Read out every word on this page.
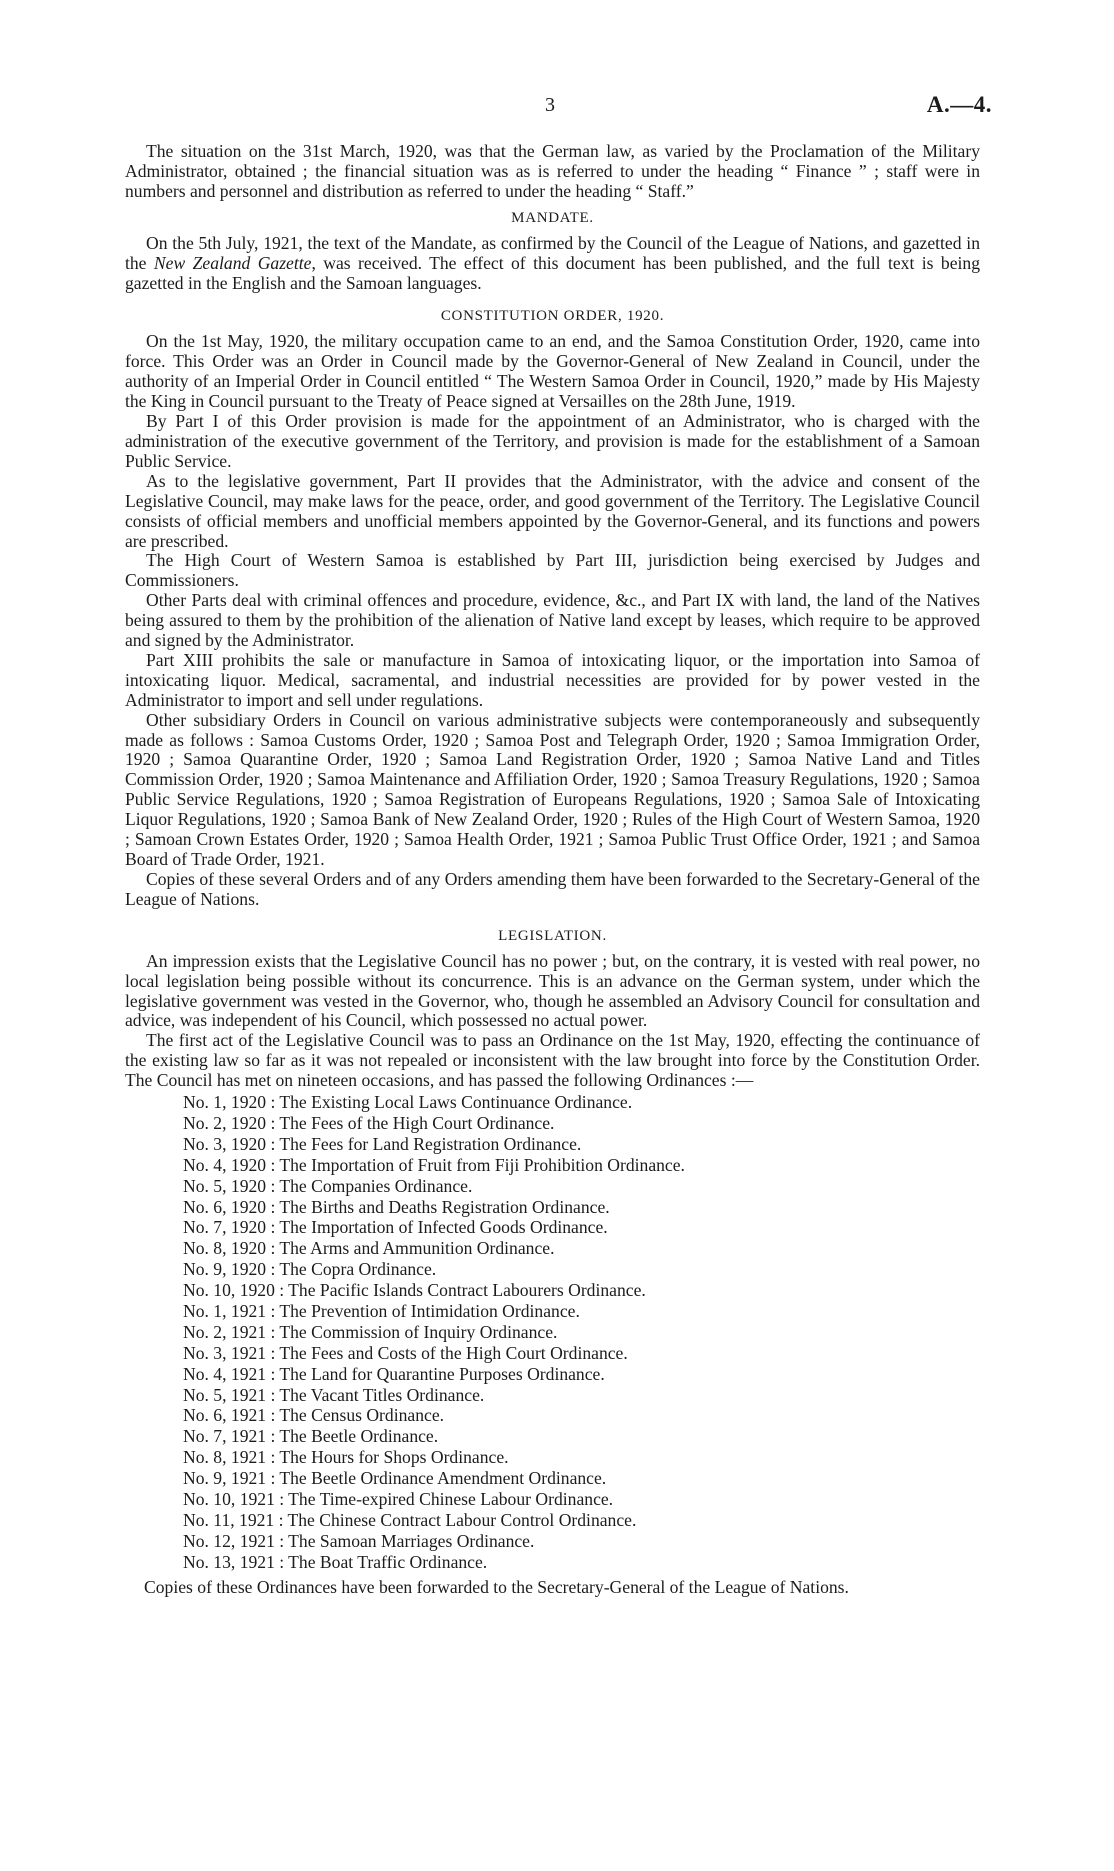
3	A.—4.

The situation on the 31st March, 1920, was that the German law, as varied by the Proclamation of the Military Administrator, obtained ; the financial situation was as is referred to under the heading “ Finance ” ; staff were in numbers and personnel and distribution as referred to under the heading “ Staff.”

MANDATE.

On the 5th July, 1921, the text of the Mandate, as confirmed by the Council of the League of Nations, and gazetted in the New Zealand Gazette, was received. The effect of this document has been published, and the full text is being gazetted in the English and the Samoan languages.

CONSTITUTION ORDER, 1920.

On the 1st May, 1920, the military occupation came to an end, and the Samoa Constitution Order, 1920, came into force. This Order was an Order in Council made by the Governor-General of New Zealand in Council, under the authority of an Imperial Order in Council entitled “ The Western Samoa Order in Council, 1920,” made by His Majesty the King in Council pursuant to the Treaty of Peace signed at Versailles on the 28th June, 1919.

By Part I of this Order provision is made for the appointment of an Administrator, who is charged with the administration of the executive government of the Territory, and provision is made for the establishment of a Samoan Public Service.

As to the legislative government, Part II provides that the Administrator, with the advice and consent of the Legislative Council, may make laws for the peace, order, and good government of the Territory. The Legislative Council consists of official members and unofficial members appointed by the Governor-General, and its functions and powers are prescribed.

The High Court of Western Samoa is established by Part III, jurisdiction being exercised by Judges and Commissioners.

Other Parts deal with criminal offences and procedure, evidence, &c., and Part IX with land, the land of the Natives being assured to them by the prohibition of the alienation of Native land except by leases, which require to be approved and signed by the Administrator.

Part XIII prohibits the sale or manufacture in Samoa of intoxicating liquor, or the importation into Samoa of intoxicating liquor. Medical, sacramental, and industrial necessities are provided for by power vested in the Administrator to import and sell under regulations.

Other subsidiary Orders in Council on various administrative subjects were contemporaneously and subsequently made as follows : Samoa Customs Order, 1920 ; Samoa Post and Telegraph Order, 1920 ; Samoa Immigration Order, 1920 ; Samoa Quarantine Order, 1920 ; Samoa Land Registration Order, 1920 ; Samoa Native Land and Titles Commission Order, 1920 ; Samoa Maintenance and Affiliation Order, 1920 ; Samoa Treasury Regulations, 1920 ; Samoa Public Service Regulations, 1920 ; Samoa Registration of Europeans Regulations, 1920 ; Samoa Sale of Intoxicating Liquor Regulations, 1920 ; Samoa Bank of New Zealand Order, 1920 ; Rules of the High Court of Western Samoa, 1920 ; Samoan Crown Estates Order, 1920 ; Samoa Health Order, 1921 ; Samoa Public Trust Office Order, 1921 ; and Samoa Board of Trade Order, 1921.

Copies of these several Orders and of any Orders amending them have been forwarded to the Secretary-General of the League of Nations.

LEGISLATION.

An impression exists that the Legislative Council has no power ; but, on the contrary, it is vested with real power, no local legislation being possible without its concurrence. This is an advance on the German system, under which the legislative government was vested in the Governor, who, though he assembled an Advisory Council for consultation and advice, was independent of his Council, which possessed no actual power.

The first act of the Legislative Council was to pass an Ordinance on the 1st May, 1920, effecting the continuance of the existing law so far as it was not repealed or inconsistent with the law brought into force by the Constitution Order. The Council has met on nineteen occasions, and has passed the following Ordinances :—

No. 1, 1920 : The Existing Local Laws Continuance Ordinance.
No. 2, 1920 : The Fees of the High Court Ordinance.
No. 3, 1920 : The Fees for Land Registration Ordinance.
No. 4, 1920 : The Importation of Fruit from Fiji Prohibition Ordinance.
No. 5, 1920 : The Companies Ordinance.
No. 6, 1920 : The Births and Deaths Registration Ordinance.
No. 7, 1920 : The Importation of Infected Goods Ordinance.
No. 8, 1920 : The Arms and Ammunition Ordinance.
No. 9, 1920 : The Copra Ordinance.
No. 10, 1920 : The Pacific Islands Contract Labourers Ordinance.
No. 1, 1921 : The Prevention of Intimidation Ordinance.
No. 2, 1921 : The Commission of Inquiry Ordinance.
No. 3, 1921 : The Fees and Costs of the High Court Ordinance.
No. 4, 1921 : The Land for Quarantine Purposes Ordinance.
No. 5, 1921 : The Vacant Titles Ordinance.
No. 6, 1921 : The Census Ordinance.
No. 7, 1921 : The Beetle Ordinance.
No. 8, 1921 : The Hours for Shops Ordinance.
No. 9, 1921 : The Beetle Ordinance Amendment Ordinance.
No. 10, 1921 : The Time-expired Chinese Labour Ordinance.
No. 11, 1921 : The Chinese Contract Labour Control Ordinance.
No. 12, 1921 : The Samoan Marriages Ordinance.
No. 13, 1921 : The Boat Traffic Ordinance.

Copies of these Ordinances have been forwarded to the Secretary-General of the League of Nations.
